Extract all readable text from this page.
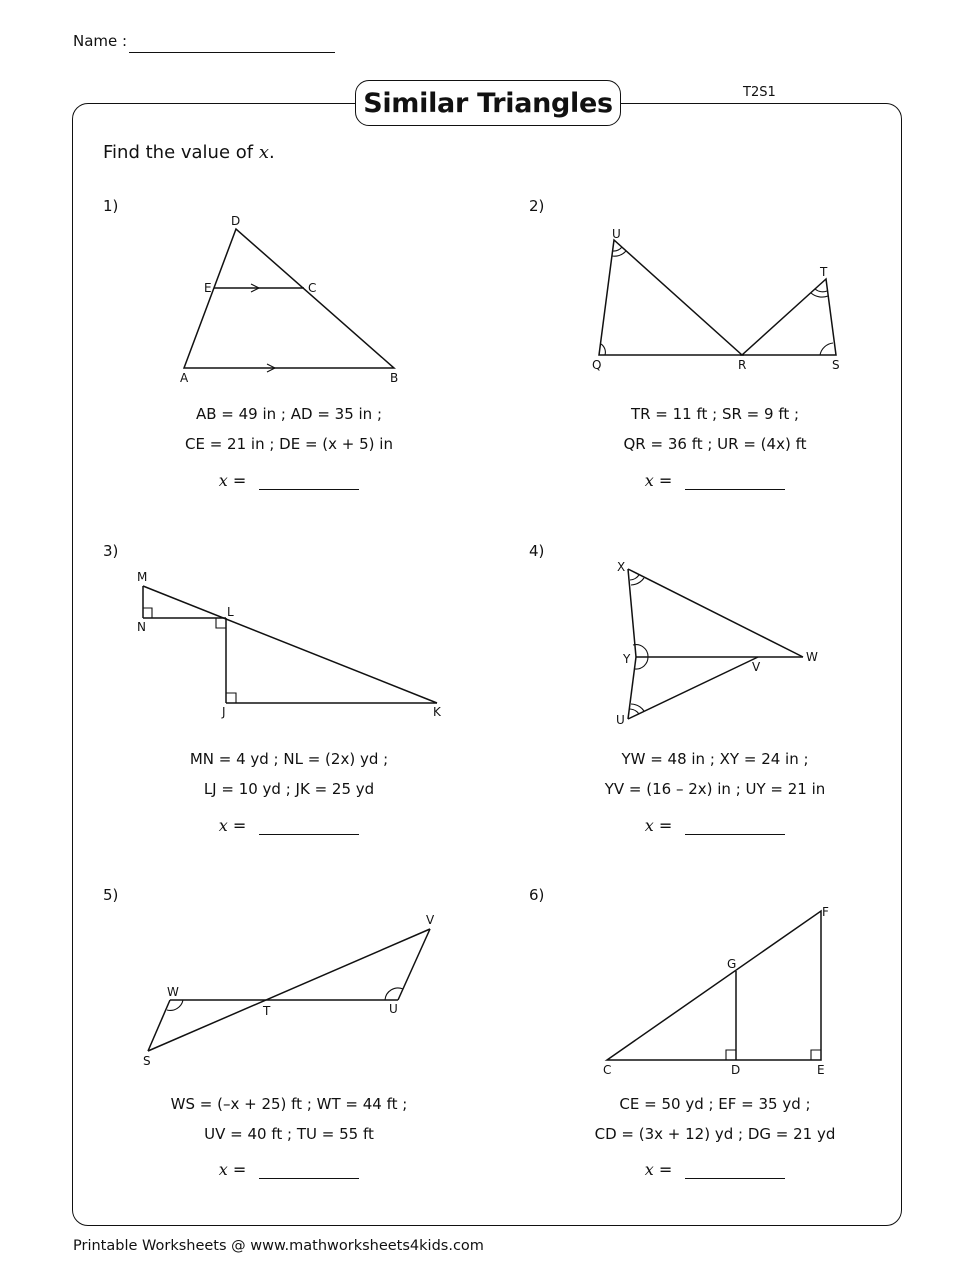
Name :
Similar Triangles	T2S1
Find the value of x.
1)
D
E	C
A	B
AB = 49 in ; AD = 35 in ;
CE = 21 in ; DE = (x + 5) in
x =
2)
U
T
Q	R	S
TR = 11 ft ; SR = 9 ft ;
QR = 36 ft ; UR = (4x) ft
x =
3)
M
N
L
J	K
MN = 4 yd ; NL = (2x) yd ;
LJ = 10 yd ; JK = 25 yd
x =
4)
X
Y	W
V
U
YW = 48 in ; XY = 24 in ;
YV = (16 – 2x) in ; UY = 21 in
x =
5)
V
W
T	U
S
WS = (–x + 25) ft ; WT = 44 ft ;
UV = 40 ft ; TU = 55 ft
x =
6)
F
G
C	D	E
CE = 50 yd ; EF = 35 yd ;
CD = (3x + 12) yd ; DG = 21 yd
x =
Printable Worksheets @ www.mathworksheets4kids.com
